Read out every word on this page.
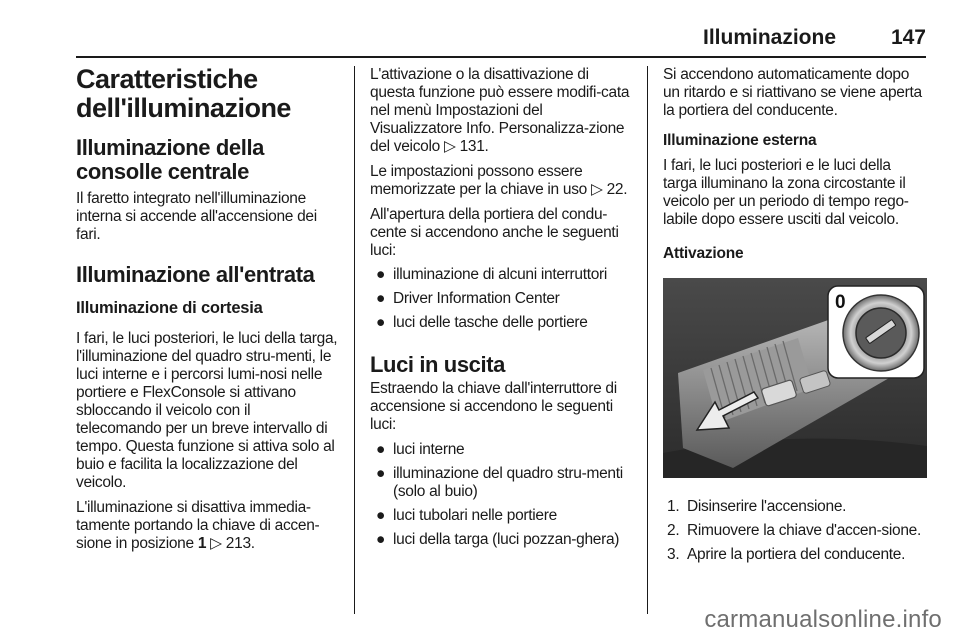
Illuminazione	147
Caratteristiche dell'illuminazione
Illuminazione della consolle centrale

Il faretto integrato nell'illuminazione interna si accende all'accensione dei fari.

Illuminazione all'entrata
Illuminazione di cortesia

I fari, le luci posteriori, le luci della targa, l'illuminazione del quadro stru-menti, le luci interne e i percorsi lumi-nosi nelle portiere e FlexConsole si attivano sbloccando il veicolo con il telecomando per un breve intervallo di tempo. Questa funzione si attiva solo al buio e facilita la localizzazione del veicolo.

L'illuminazione si disattiva immedia-tamente portando la chiave di accen-sione in posizione 1 ▷ 213.

L'attivazione o la disattivazione di questa funzione può essere modifi-cata nel menù Impostazioni del Visualizzatore Info. Personalizza-zione del veicolo ▷ 131.

Le impostazioni possono essere memorizzate per la chiave in uso ▷ 22.

All'apertura della portiera del condu-cente si accendono anche le seguenti luci:

● illuminazione di alcuni interruttori
● Driver Information Center
● luci delle tasche delle portiere
Luci in uscita

Estraendo la chiave dall'interruttore di accensione si accendono le seguenti luci:

● luci interne
● illuminazione del quadro stru-menti (solo al buio)
● luci tubolari nelle portiere
● luci della targa (luci pozzan-ghera)

Si accendono automaticamente dopo un ritardo e si riattivano se viene aperta la portiera del conducente.

Illuminazione esterna

I fari, le luci posteriori e le luci della targa illuminano la zona circostante il veicolo per un periodo di tempo rego-labile dopo essere usciti dal veicolo.

Attivazione
0
1. Disinserire l'accensione.
2. Rimuovere la chiave d'accen-sione.
3. Aprire la portiera del conducente.
carmanualsonline.info
